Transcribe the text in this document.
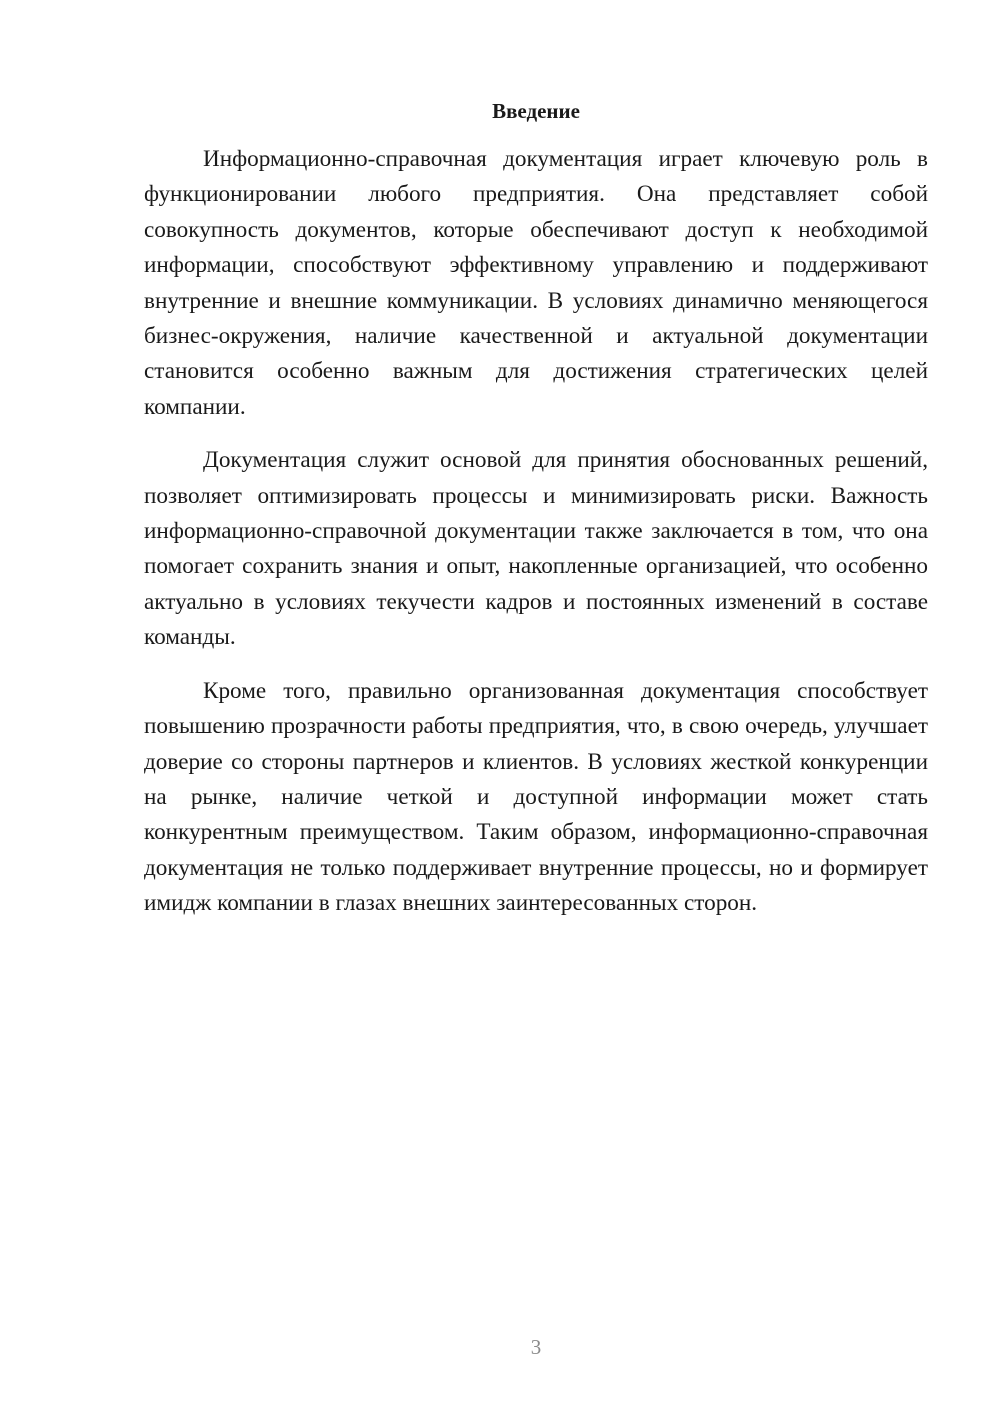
Введение

Информационно-справочная документация играет ключевую роль в функционировании любого предприятия. Она представляет собой совокупность документов, которые обеспечивают доступ к необходимой информации, способствуют эффективному управлению и поддерживают внутренние и внешние коммуникации. В условиях динамично меняющегося бизнес-окружения, наличие качественной и актуальной документации становится особенно важным для достижения стратегических целей компании.

Документация служит основой для принятия обоснованных решений, позволяет оптимизировать процессы и минимизировать риски. Важность информационно-справочной документации также заключается в том, что она помогает сохранить знания и опыт, накопленные организацией, что особенно актуально в условиях текучести кадров и постоянных изменений в составе команды.

Кроме того, правильно организованная документация способствует повышению прозрачности работы предприятия, что, в свою очередь, улучшает доверие со стороны партнеров и клиентов. В условиях жесткой конкуренции на рынке, наличие четкой и доступной информации может стать конкурентным преимуществом. Таким образом, информационно-справочная документация не только поддерживает внутренние процессы, но и формирует имидж компании в глазах внешних заинтересованных сторон.

3
